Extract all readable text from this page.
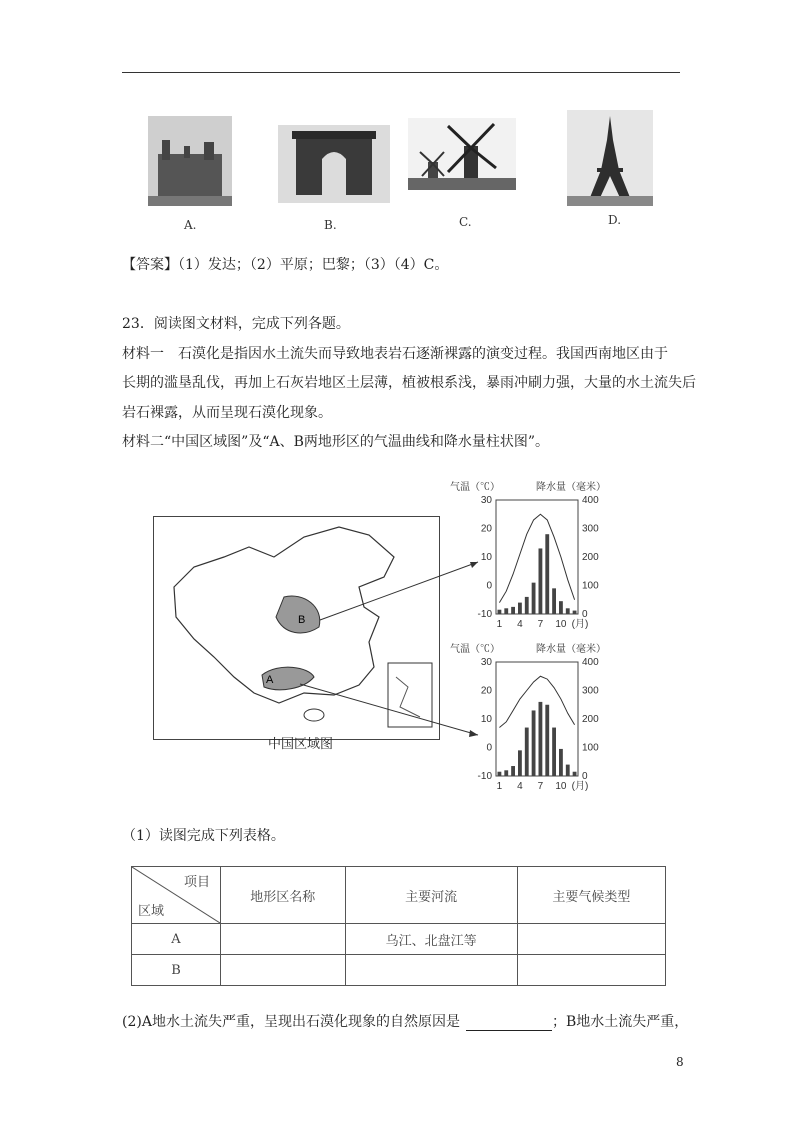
A.	B.	C.	D.
【答案】（1）发达；（2）平原；巴黎；（3）（4）C。
23．阅读图文材料，完成下列各题。
材料一　石漠化是指因水土流失而导致地表岩石逐渐裸露的演变过程。我国西南地区由于
长期的滥垦乱伐，再加上石灰岩地区土层薄，植被根系浅，暴雨冲刷力强，大量的水土流失后
岩石裸露，从而呈现石漠化现象。
材料二“中国区域图”及“A、B两地形区的气温曲线和降水量柱状图”。
B
A
中国区域图
气温（℃）	降水量（毫米）
30
20
10
0
-10
400
300
200
100
0
1 4 7 10 (月)
气温（℃）	降水量（毫米）
30
20
10
0
-10
400
300
200
100
0
1 4 7 10 (月)
（1）读图完成下列表格。
项目
区域	地形区名称	主要河流	主要气候类型
A		乌江、北盘江等	
B			
(2)A地水土流失严重，呈现出石漠化现象的自然原因是	；B地水土流失严重，
8
